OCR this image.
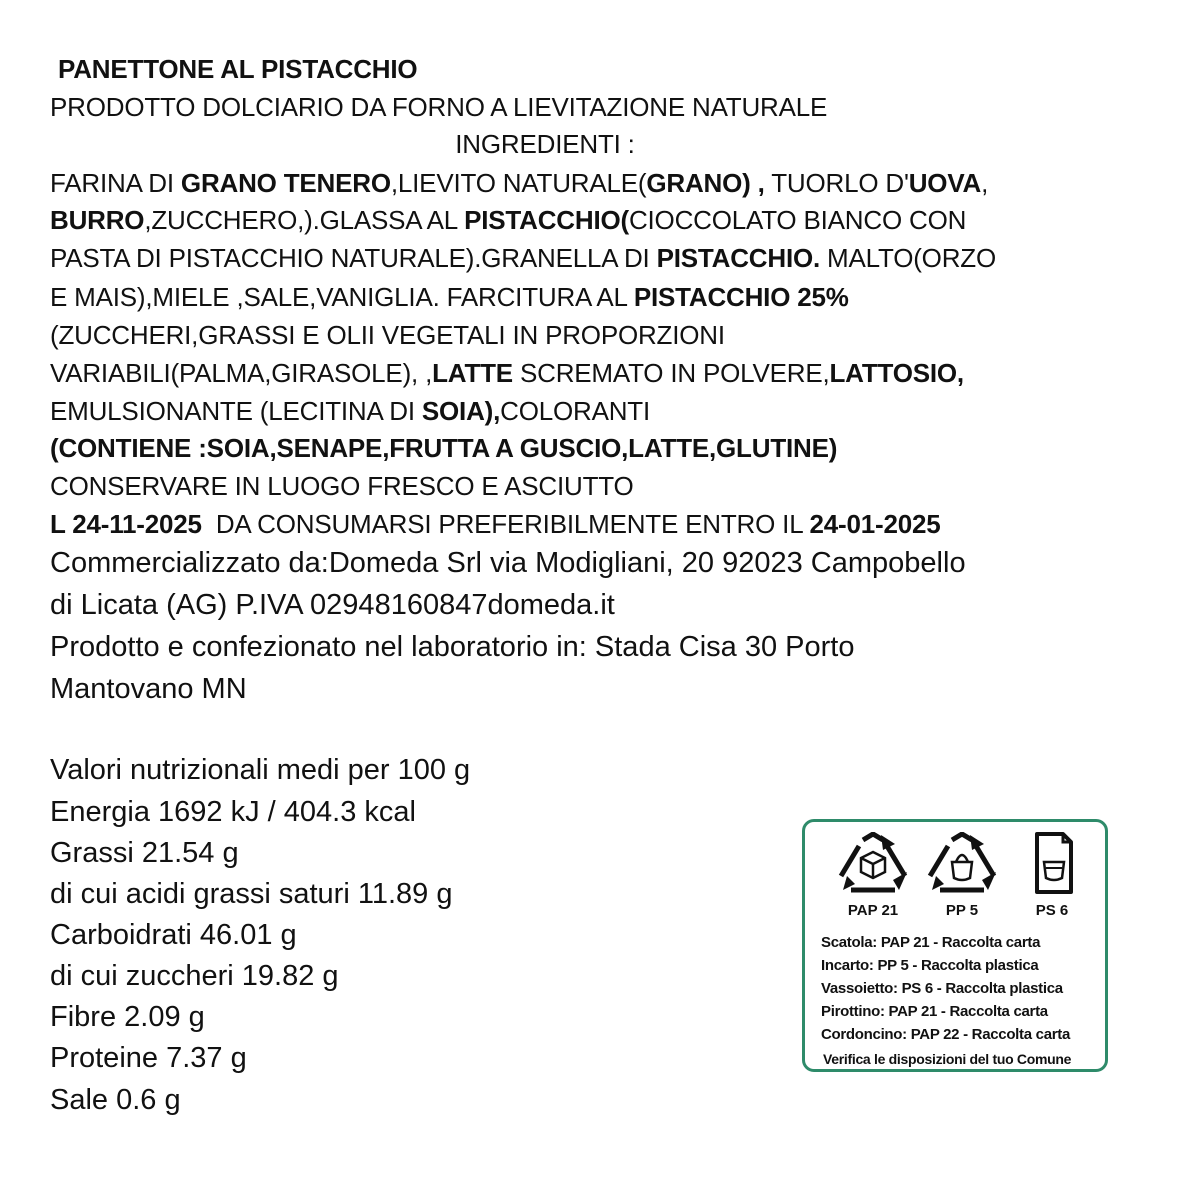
PANETTONE AL PISTACCHIO
PRODOTTO DOLCIARIO DA FORNO A LIEVITAZIONE NATURALE
INGREDIENTI :
FARINA DI GRANO TENERO,LIEVITO NATURALE(GRANO) , TUORLO D'UOVA,
BURRO,ZUCCHERO,).GLASSA AL PISTACCHIO(CIOCCOLATO BIANCO CON
PASTA DI PISTACCHIO NATURALE).GRANELLA DI PISTACCHIO. MALTO(ORZO
E MAIS),MIELE ,SALE,VANIGLIA. FARCITURA AL PISTACCHIO 25%
(ZUCCHERI,GRASSI E OLII VEGETALI IN PROPORZIONI
VARIABILI(PALMA,GIRASOLE), ,LATTE SCREMATO IN POLVERE,LATTOSIO,
EMULSIONANTE (LECITINA DI SOIA),COLORANTI
(CONTIENE :SOIA,SENAPE,FRUTTA A GUSCIO,LATTE,GLUTINE)
CONSERVARE IN LUOGO FRESCO E ASCIUTTO
L 24-11-2025  DA CONSUMARSI PREFERIBILMENTE ENTRO IL 24-01-2025
Commercializzato da:Domeda Srl via Modigliani, 20 92023 Campobello
di Licata (AG) P.IVA 02948160847domeda.it
Prodotto e confezionato nel laboratorio in: Stada Cisa 30 Porto
Mantovano MN
Valori nutrizionali medi per 100 g
Energia 1692 kJ / 404.3 kcal
Grassi 21.54 g
di cui acidi grassi saturi 11.89 g
Carboidrati 46.01 g
di cui zuccheri 19.82 g
Fibre 2.09 g
Proteine 7.37 g
Sale 0.6 g
PAP 21	PP 5	PS 6
Scatola: PAP 21 - Raccolta carta
Incarto: PP 5 - Raccolta plastica
Vassoietto: PS 6 - Raccolta plastica
Pirottino: PAP 21 - Raccolta carta
Cordoncino: PAP 22 - Raccolta carta
Verifica le disposizioni del tuo Comune
